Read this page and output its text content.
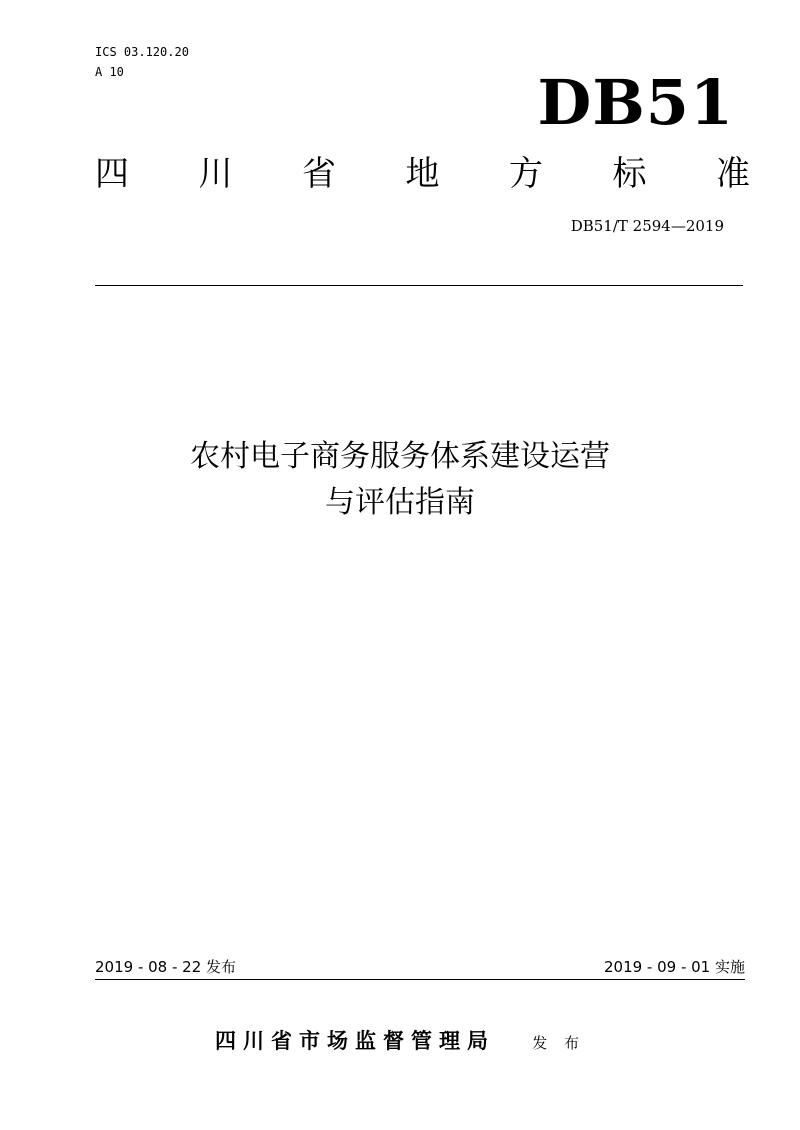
ICS 03.120.20
A 10	DB51
四 川 省 地 方 标 准
DB51/T 2594—2019
农村电子商务服务体系建设运营
与评估指南
2019 - 08 - 22 发布	2019 - 09 - 01 实施
四川省市场监督管理局 发 布
